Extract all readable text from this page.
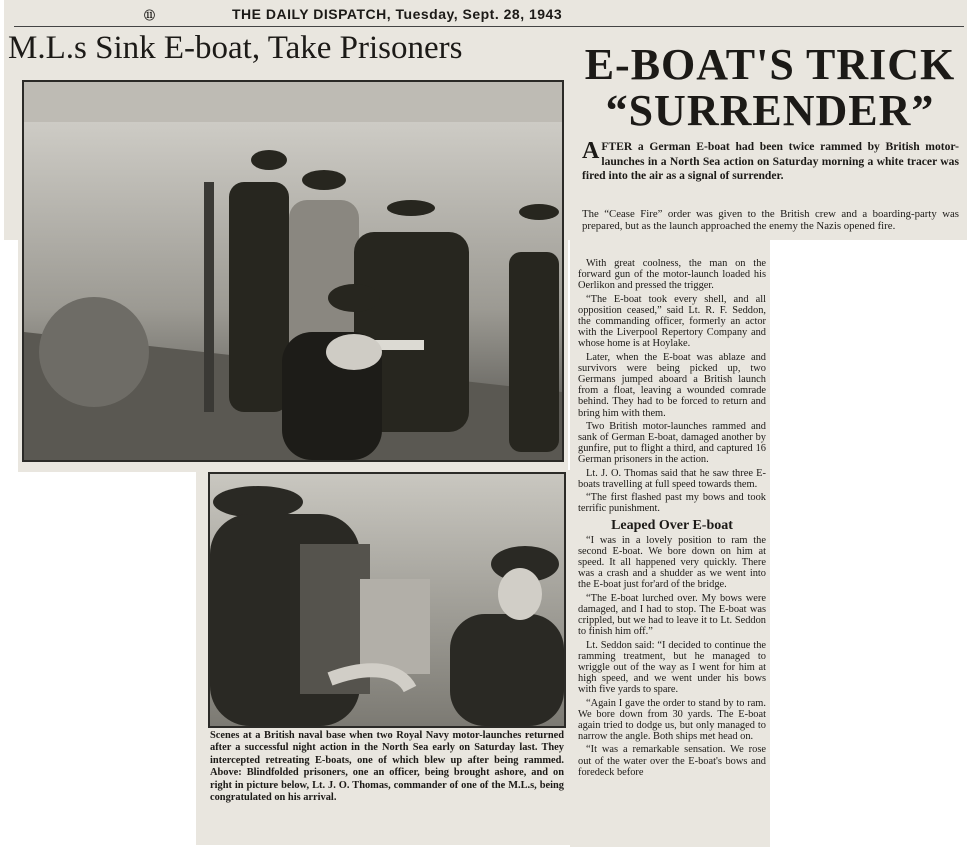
⑪	THE DAILY DISPATCH, Tuesday, Sept. 28, 1943
M.L.s Sink E-boat, Take Prisoners	E-BOAT'S TRICK
“SURRENDER”
Scenes at a British naval base when two Royal Navy motor-launches returned after a successful night action in the North Sea early on Saturday last. They intercepted retreating E-boats, one of which blew up after being rammed. Above: Blindfolded prisoners, one an officer, being brought ashore, and on right in picture below, Lt. J. O. Thomas, commander of one of the M.L.s, being congratulated on his arrival.
AFTER a German E-boat had been twice rammed by British motor-launches in a North Sea action on Saturday morning a white tracer was fired into the air as a signal of surrender.
The “Cease Fire” order was given to the British crew and a boarding-party was prepared, but as the launch approached the enemy the Nazis opened fire.

With great coolness, the man on the forward gun of the motor-launch loaded his Oerlikon and pressed the trigger.

“The E-boat took every shell, and all opposition ceased,” said Lt. R. F. Seddon, the commanding officer, formerly an actor with the Liverpool Repertory Company and whose home is at Hoylake.

Later, when the E-boat was ablaze and survivors were being picked up, two Germans jumped aboard a British launch from a float, leaving a wounded comrade behind. They had to be forced to return and bring him with them.

Two British motor-launches rammed and sank of German E-boat, damaged another by gunfire, put to flight a third, and captured 16 German prisoners in the action.

Lt. J. O. Thomas said that he saw three E-boats travelling at full speed towards them.

“The first flashed past my bows and took terrific punishment.

Leaped Over E-boat

“I was in a lovely position to ram the second E-boat. We bore down on him at speed. It all happened very quickly. There was a crash and a shudder as we went into the E-boat just for'ard of the bridge.

“The E-boat lurched over. My bows were damaged, and I had to stop. The E-boat was crippled, but we had to leave it to Lt. Seddon to finish him off.”

Lt. Seddon said: “I decided to continue the ramming treatment, but he managed to wriggle out of the way as I went for him at high speed, and we went under his bows with five yards to spare.

“Again I gave the order to stand by to ram. We bore down from 30 yards. The E-boat again tried to dodge us, but only managed to narrow the angle. Both ships met head on.

“It was a remarkable sensation. We rose out of the water over the E-boat's bows and foredeck before
